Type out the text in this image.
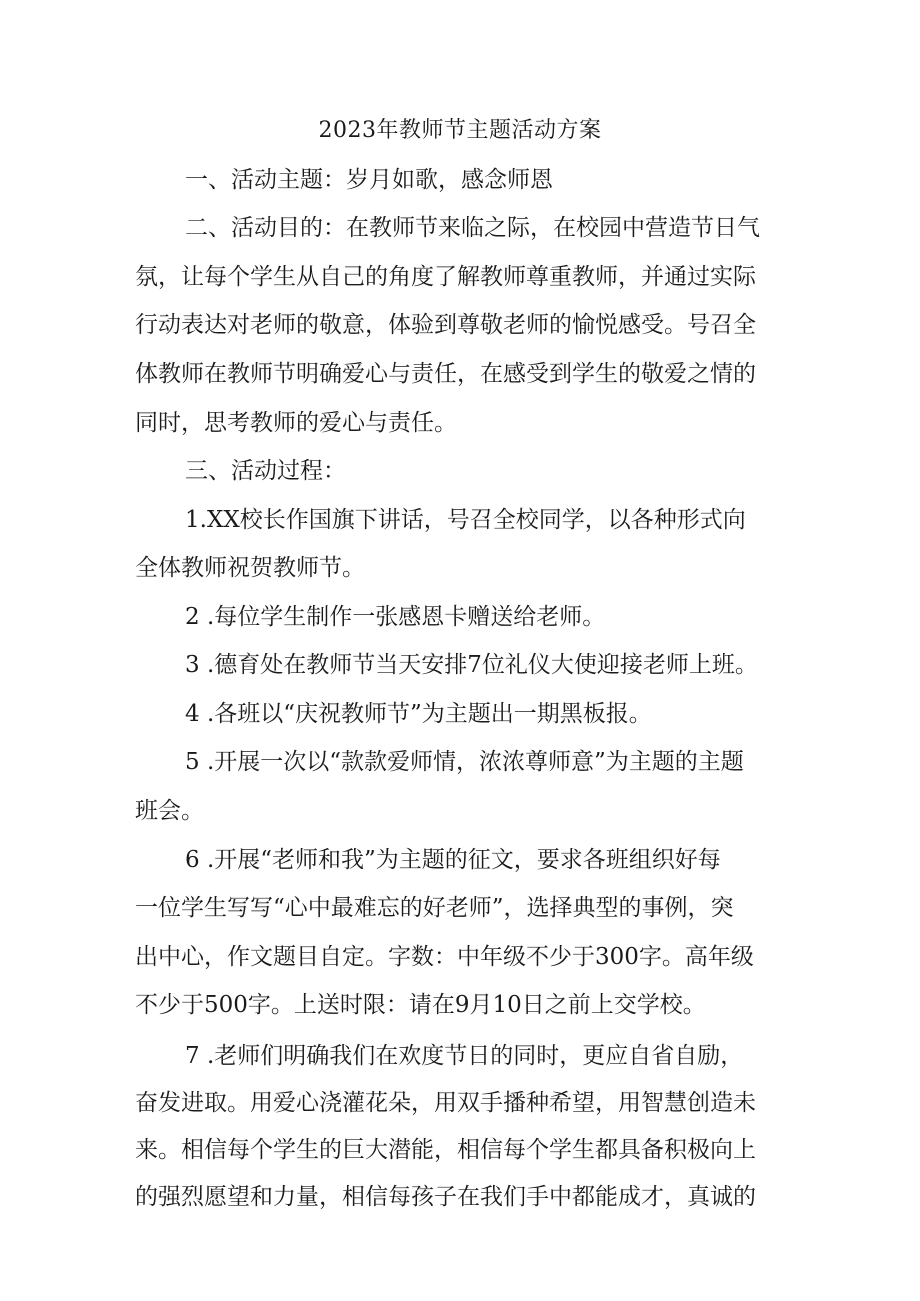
2023年教师节主题活动方案
一、活动主题：岁月如歌，感念师恩
二、活动目的：在教师节来临之际，在校园中营造节日气
氛，让每个学生从自己的角度了解教师尊重教师，并通过实际
行动表达对老师的敬意，体验到尊敬老师的愉悦感受。号召全
体教师在教师节明确爱心与责任，在感受到学生的敬爱之情的
同时，思考教师的爱心与责任。
三、活动过程：
1.XX校长作国旗下讲话，号召全校同学，以各种形式向
全体教师祝贺教师节。
2 .每位学生制作一张感恩卡赠送给老师。
3 .德育处在教师节当天安排7位礼仪大使迎接老师上班。
4 .各班以“庆祝教师节”为主题出一期黑板报。
5 .开展一次以“款款爱师情，浓浓尊师意”为主题的主题
班会。
6 .开展“老师和我”为主题的征文，要求各班组织好每
一位学生写写“心中最难忘的好老师”，选择典型的事例，突
出中心，作文题目自定。字数：中年级不少于300字。高年级
不少于500字。上送时限：请在9月10日之前上交学校。
7 .老师们明确我们在欢度节日的同时，更应自省自励，
奋发进取。用爱心浇灌花朵，用双手播种希望，用智慧创造未
来。相信每个学生的巨大潜能，相信每个学生都具备积极向上
的强烈愿望和力量，相信每孩子在我们手中都能成才，真诚的
